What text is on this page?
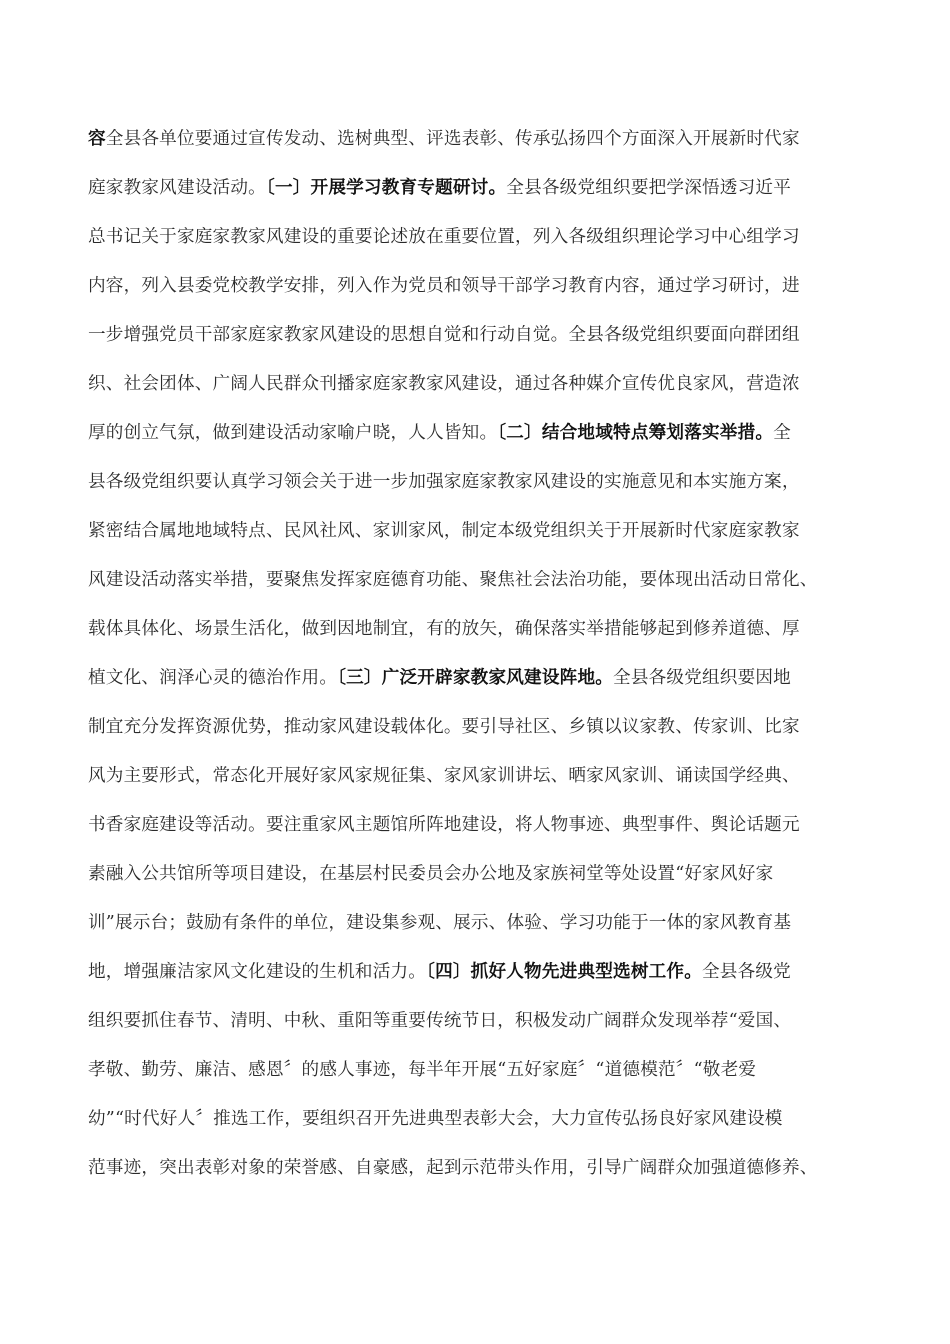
容全县各单位要通过宣传发动、选树典型、评选表彰、传承弘扬四个方面深入开展新时代家
庭家教家风建设活动。〔一〕开展学习教育专题研讨。全县各级党组织要把学深悟透习近平
总书记关于家庭家教家风建设的重要论述放在重要位置，列入各级组织理论学习中心组学习
内容，列入县委党校教学安排，列入作为党员和领导干部学习教育内容，通过学习研讨，进
一步增强党员干部家庭家教家风建设的思想自觉和行动自觉。全县各级党组织要面向群团组
织、社会团体、广阔人民群众刊播家庭家教家风建设，通过各种媒介宣传优良家风，营造浓
厚的创立气氛，做到建设活动家喻户晓，人人皆知。〔二〕结合地域特点筹划落实举措。全
县各级党组织要认真学习领会关于进一步加强家庭家教家风建设的实施意见和本实施方案，
紧密结合属地地域特点、民风社风、家训家风，制定本级党组织关于开展新时代家庭家教家
风建设活动落实举措，要聚焦发挥家庭德育功能、聚焦社会法治功能，要体现出活动日常化、
载体具体化、场景生活化，做到因地制宜，有的放矢，确保落实举措能够起到修养道德、厚
植文化、润泽心灵的德治作用。〔三〕广泛开辟家教家风建设阵地。全县各级党组织要因地
制宜充分发挥资源优势，推动家风建设载体化。要引导社区、乡镇以议家教、传家训、比家
风为主要形式，常态化开展好家风家规征集、家风家训讲坛、晒家风家训、诵读国学经典、
书香家庭建设等活动。要注重家风主题馆所阵地建设，将人物事迹、典型事件、舆论话题元
素融入公共馆所等项目建设，在基层村民委员会办公地及家族祠堂等处设置“好家风好家
训”展示台；鼓励有条件的单位，建设集参观、展示、体验、学习功能于一体的家风教育基
地，增强廉洁家风文化建设的生机和活力。〔四〕抓好人物先进典型选树工作。全县各级党
组织要抓住春节、清明、中秋、重阳等重要传统节日，积极发动广阔群众发现举荐“爱国、
孝敬、勤劳、廉洁、感恩〞的感人事迹，每半年开展“五好家庭〞“道德模范〞“敬老爱
幼”“时代好人〞推选工作，要组织召开先进典型表彰大会，大力宣传弘扬良好家风建设模
范事迹，突出表彰对象的荣誉感、自豪感，起到示范带头作用，引导广阔群众加强道德修养、
